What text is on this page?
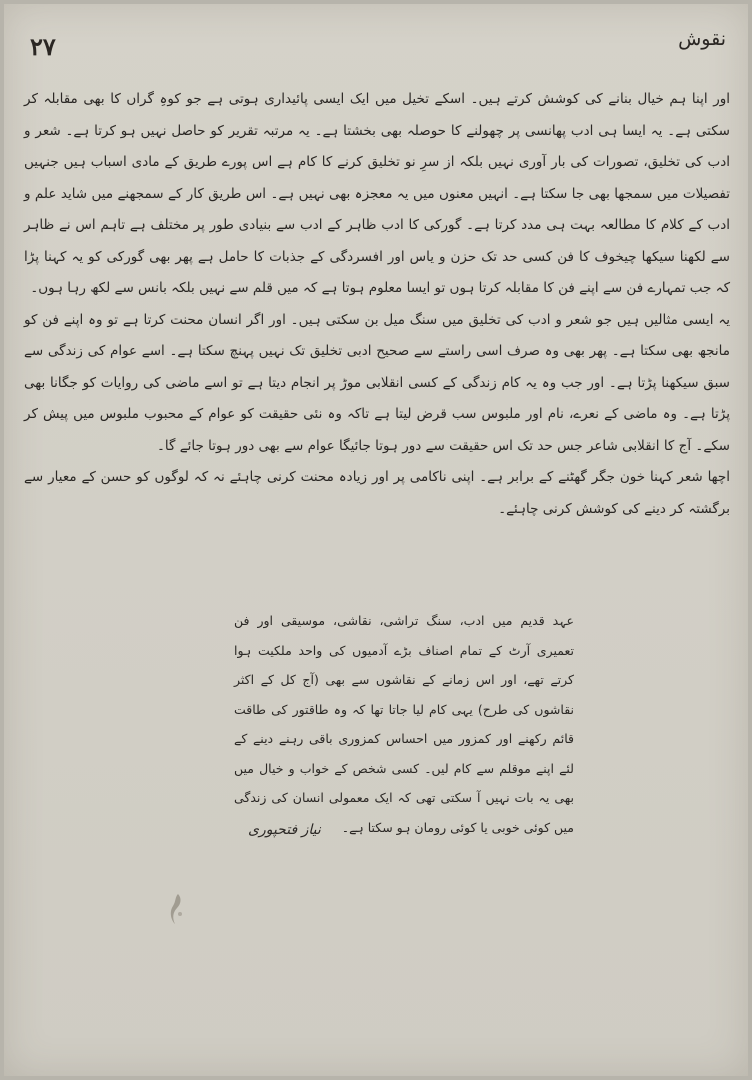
۲۷	نقوش

اور اپنا ہم خیال بنانے کی کوشش کرتے ہیں۔ اسکے تخیل میں ایک ایسی پائیداری ہوتی ہے جو کوہِ گراں کا بھی مقابلہ کر سکتی ہے۔ یہ ایسا ہی ادب پھانسی پر چھولنے کا حوصلہ بھی بخشتا ہے۔ یہ مرتبہ تقریر کو حاصل نہیں ہو کرتا ہے۔ شعر و ادب کی تخلیق، تصورات کی بار آوری نہیں بلکہ از سرِ نو تخلیق کرنے کا کام ہے اس پورے طریق کے مادی اسباب ہیں جنہیں تفصیلات میں سمجھا بھی جا سکتا ہے۔ انہیں معنوں میں یہ معجزہ بھی نہیں ہے۔ اس طریق کار کے سمجھنے میں شاید علم و ادب کے کلام کا مطالعہ بہت ہی مدد کرتا ہے۔ گورکی کا ادب ظاہر کے ادب سے بنیادی طور پر مختلف ہے تاہم اس نے ظاہر سے لکھنا سیکھا چیخوف کا فن کسی حد تک حزن و یاس اور افسردگی کے جذبات کا حامل ہے پھر بھی گورکی کو یہ کہنا پڑا کہ جب تمہارے فن سے اپنے فن کا مقابلہ کرتا ہوں تو ایسا معلوم ہوتا ہے کہ میں قلم سے نہیں بلکہ بانس سے لکھ رہا ہوں۔

یہ ایسی مثالیں ہیں جو شعر و ادب کی تخلیق میں سنگ میل بن سکتی ہیں۔ اور اگر انسان محنت کرتا ہے تو وہ اپنے فن کو مانجھ بھی سکتا ہے۔ پھر بھی وہ صرف اسی راستے سے صحیح ادبی تخلیق تک نہیں پہنچ سکتا ہے۔ اسے عوام کی زندگی سے سبق سیکھنا پڑتا ہے۔ اور جب وہ یہ کام زندگی کے کسی انقلابی موڑ پر انجام دیتا ہے تو اسے ماضی کی روایات کو جگانا بھی پڑتا ہے۔ وہ ماضی کے نعرے، نام اور ملبوس سب قرض لیتا ہے تاکہ وہ نئی حقیقت کو عوام کے محبوب ملبوس میں پیش کر سکے۔ آج کا انقلابی شاعر جس حد تک اس حقیقت سے دور ہوتا جائیگا عوام سے بھی دور ہوتا جائے گا۔

اچھا شعر کہنا خون جگر گھٹنے کے برابر ہے۔ اپنی ناکامی پر اور زیادہ محنت کرنی چاہئے نہ کہ لوگوں کو حسن کے معیار سے برگشتہ کر دینے کی کوشش کرنی چاہئے۔

عہد قدیم میں ادب، سنگ تراشی، نقاشی، موسیقی اور فن تعمیری آرٹ کے تمام اصناف بڑے آدمیوں کی واحد ملکیت ہوا کرتے تھے، اور اس زمانے کے نقاشوں سے بھی (آج کل کے اکثر نقاشوں کی طرح) یہی کام لیا جاتا تھا کہ وہ طاقتور کی طاقت قائم رکھنے اور کمزور میں احساس کمزوری باقی رہنے دینے کے لئے اپنے موقلم سے کام لیں۔ کسی شخص کے خواب و خیال میں بھی یہ بات نہیں آ سکتی تھی کہ ایک معمولی انسان کی زندگی میں کوئی خوبی یا کوئی رومان ہو سکتا ہے۔

نیاز فتحپوری
